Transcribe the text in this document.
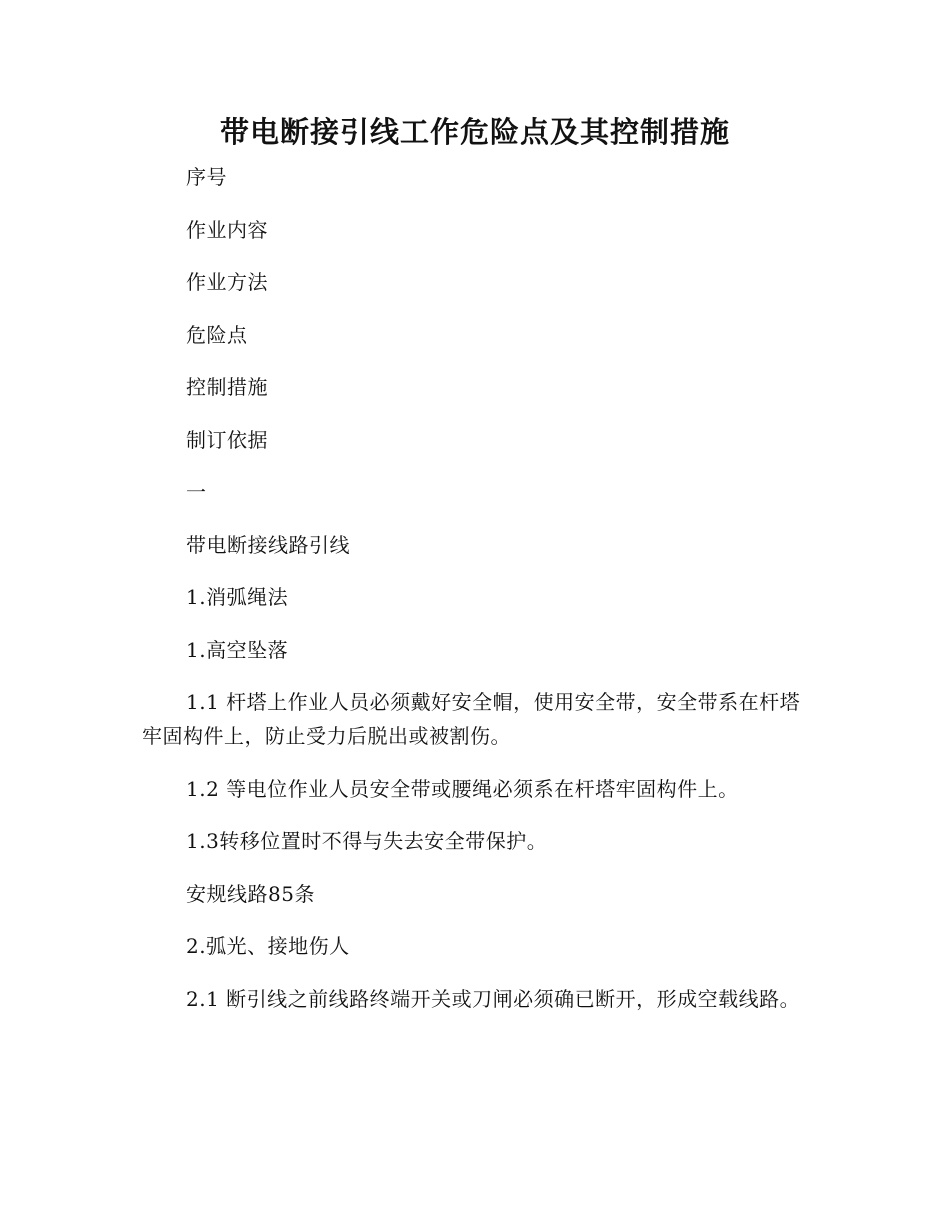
带电断接引线工作危险点及其控制措施

序号

作业内容

作业方法

危险点

控制措施

制订依据

一

带电断接线路引线

1.消弧绳法

1.高空坠落

1.1 杆塔上作业人员必须戴好安全帽，使用安全带，安全带系在杆塔牢固构件上，防止受力后脱出或被割伤。

1.2 等电位作业人员安全带或腰绳必须系在杆塔牢固构件上。

1.3转移位置时不得与失去安全带保护。

安规线路85条

2.弧光、接地伤人

2.1 断引线之前线路终端开关或刀闸必须确已断开，形成空载线路。
